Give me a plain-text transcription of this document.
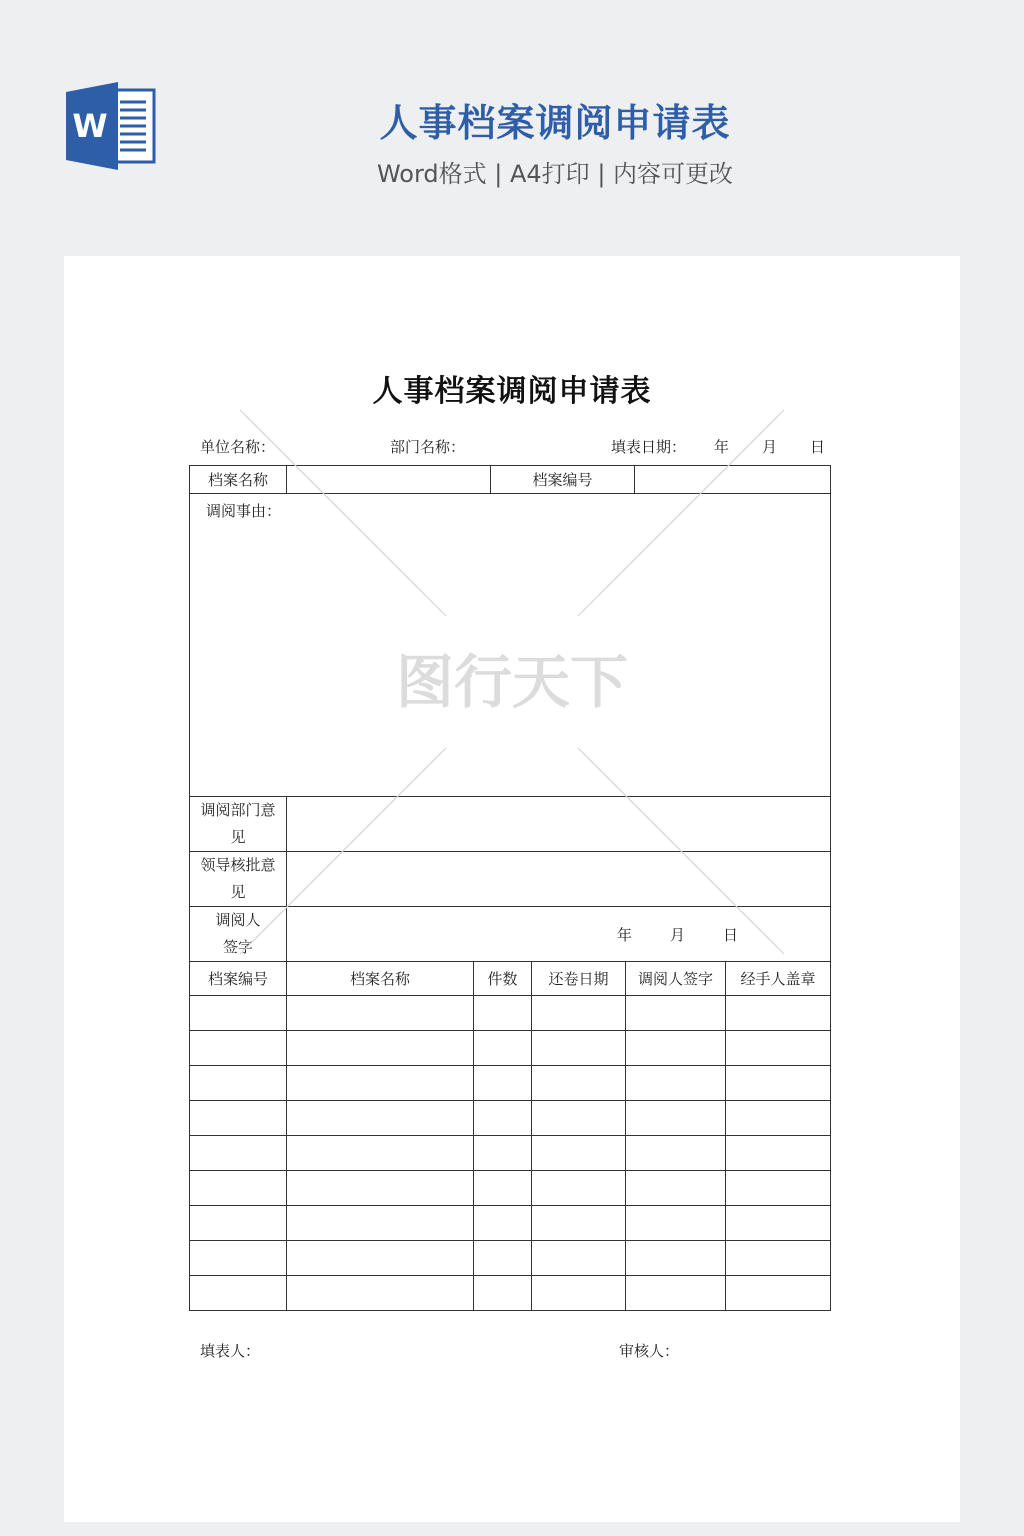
W	人事档案调阅申请表
Word格式 | A4打印 | 内容可更改
人事档案调阅申请表
单位名称：	部门名称：	填表日期： 年 月 日
档案名称		档案编号	
调阅事由：			
调阅部门意
见			
领导核批意
见			
调阅人
签字	年 月 日		
档案编号	档案名称	件数	还卷日期	调阅人签字	经手人盖章

填表人：	审核人：
图行天下
